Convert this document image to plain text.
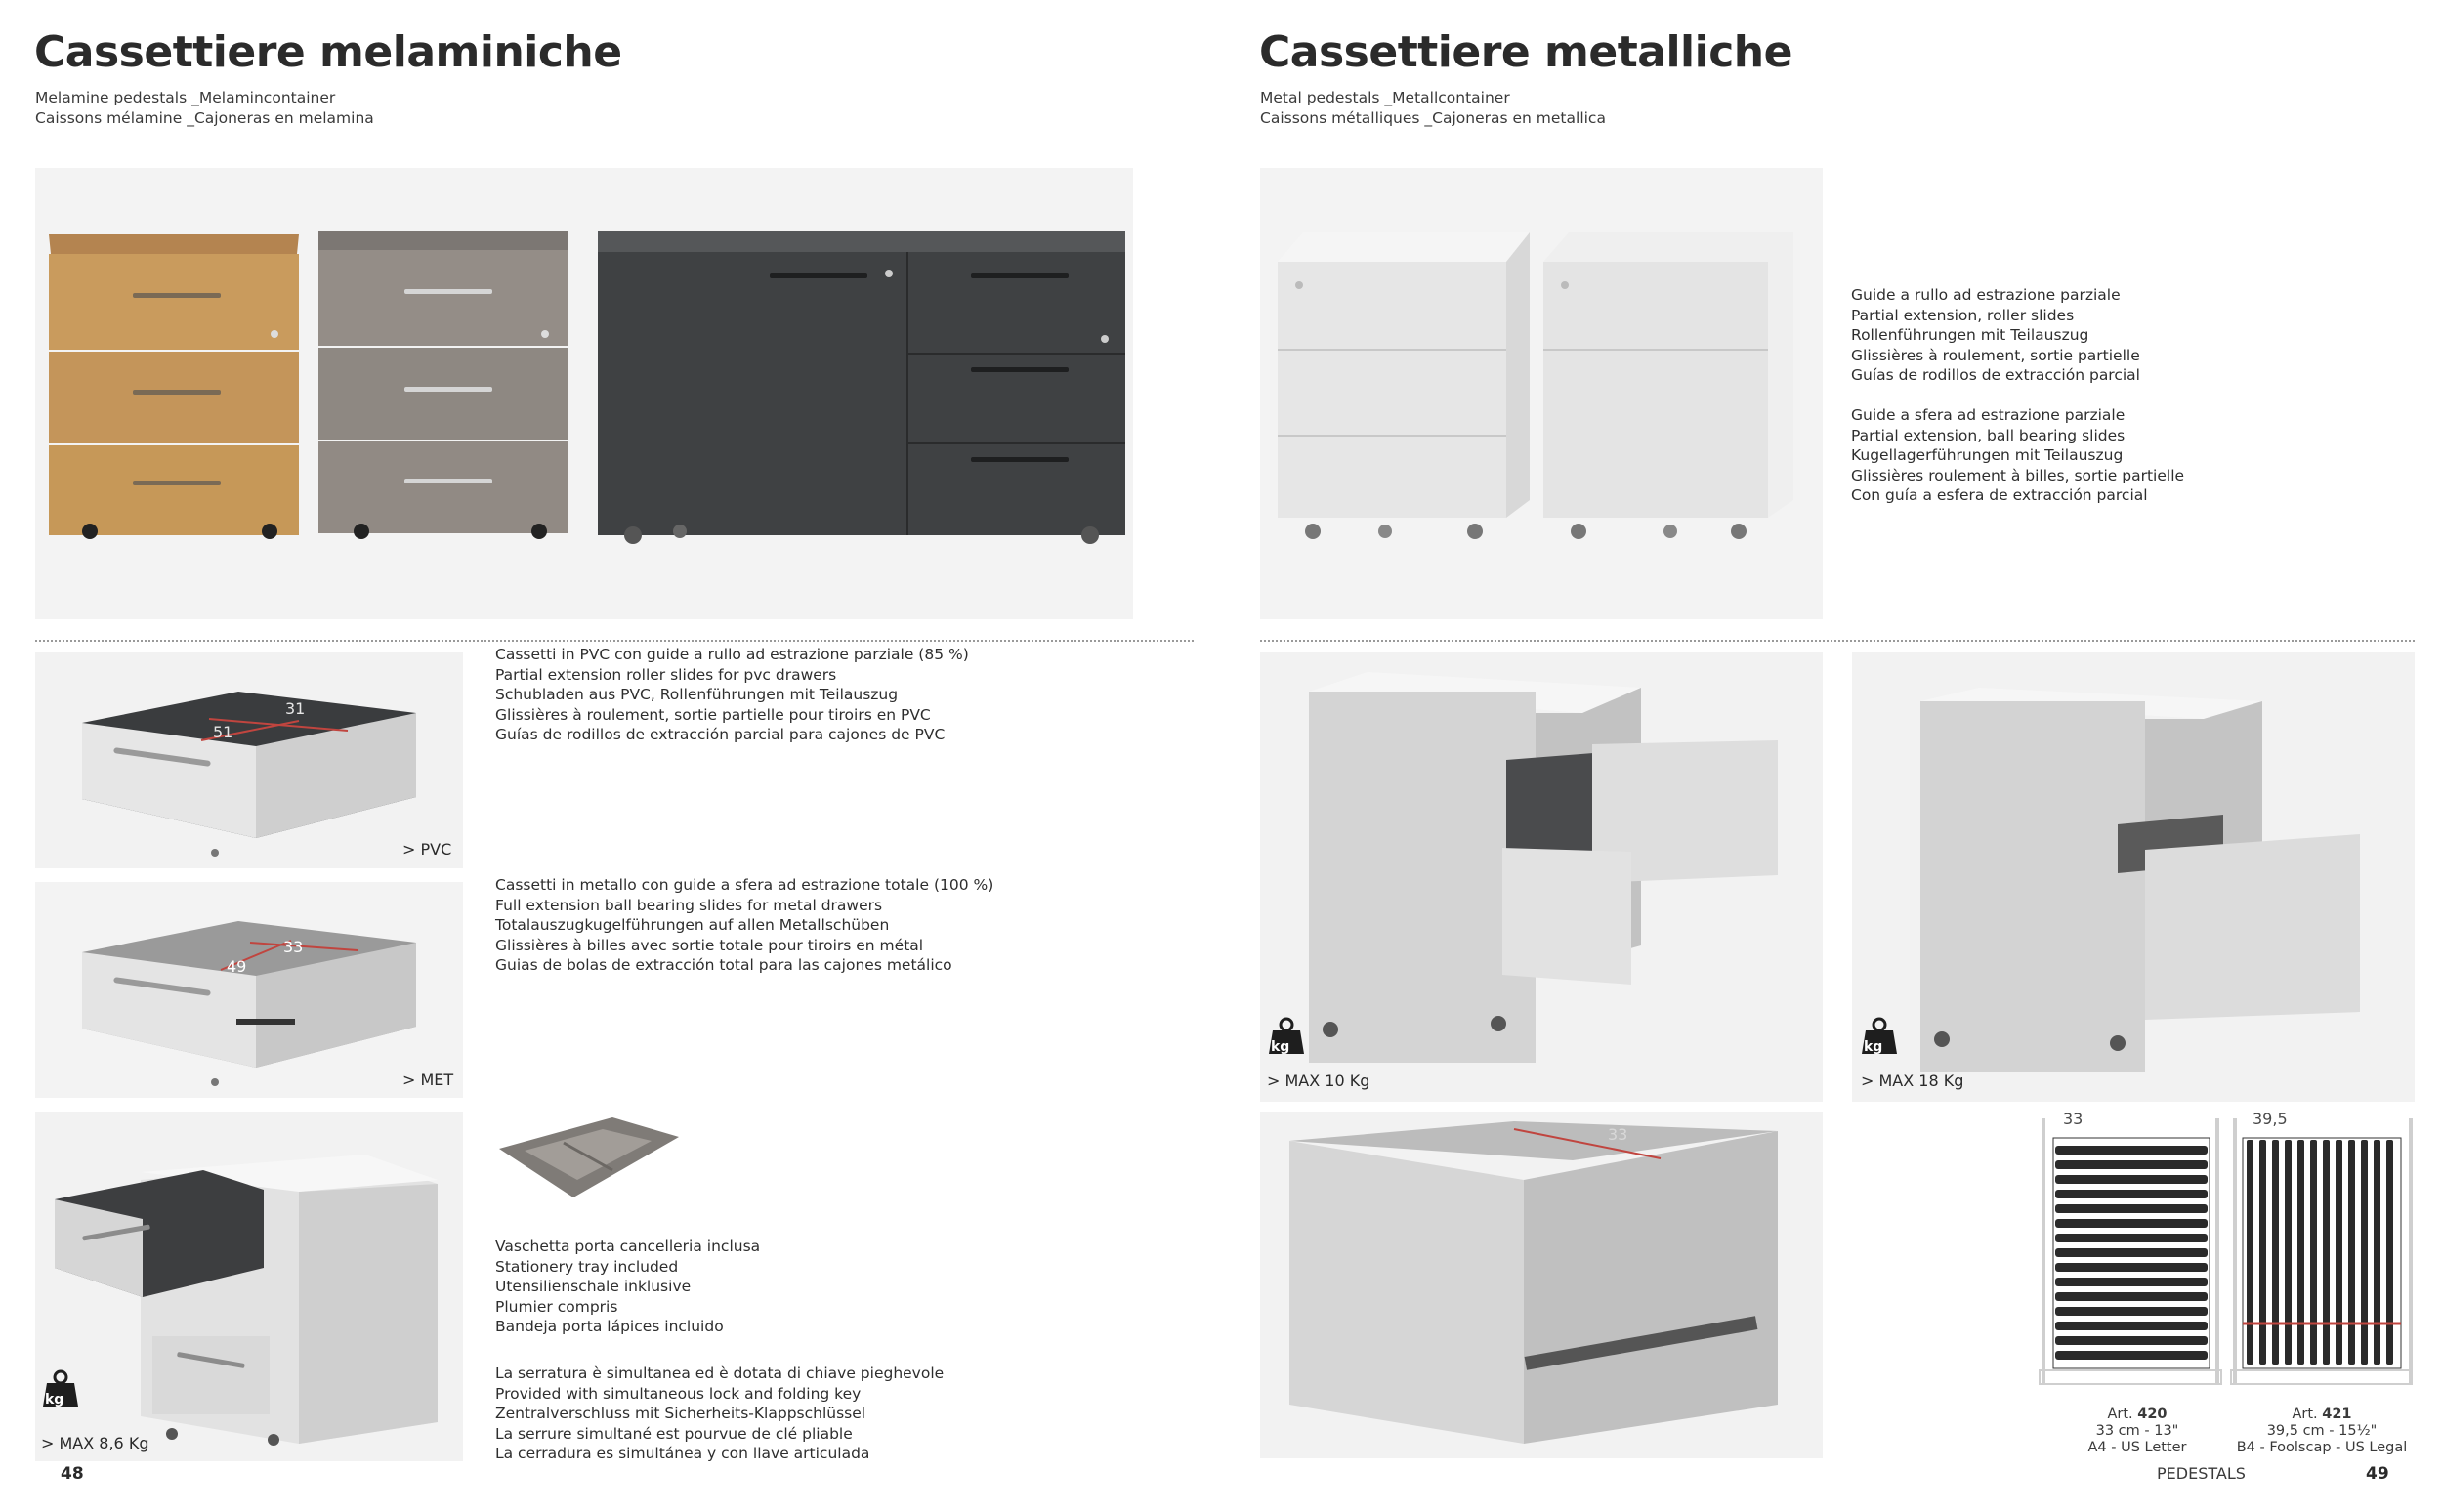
Cassettiere melaminiche
Melamine pedestals _Melamincontainer
Caissons mélamine _Cajoneras en melamina
31
51
> PVC
33
49
> MET
kg
> MAX 8,6 Kg
Cassetti in PVC con guide a rullo ad estrazione parziale (85 %)
Partial extension roller slides for pvc drawers
Schubladen aus PVC, Rollenführungen mit Teilauszug
Glissières à roulement, sortie partielle pour tiroirs en PVC
Guías de rodillos de extracción parcial para cajones de PVC
Cassetti in metallo con guide a sfera ad estrazione totale (100 %)
Full extension ball bearing slides for metal drawers
Totalauszugkugelführungen auf allen Metallschüben
Glissières à billes avec sortie totale pour tiroirs en métal
Guias de bolas de extracción total para las cajones metálico
Vaschetta porta cancelleria inclusa
Stationery tray included
Utensilienschale inklusive
Plumier compris
Bandeja porta lápices incluido
La serratura è simultanea ed è dotata di chiave pieghevole
Provided with simultaneous lock and folding key
Zentralverschluss mit Sicherheits-Klappschlüssel
La serrure simultané est pourvue de clé pliable
La cerradura es simultánea y con llave articulada
48
Cassettiere metalliche
Metal pedestals _Metallcontainer
Caissons métalliques _Cajoneras en metallica
Guide a rullo ad estrazione parziale
Partial extension, roller slides
Rollenführungen mit Teilauszug
Glissières à roulement, sortie partielle
Guías de rodillos de extracción parcial
Guide a sfera ad estrazione parziale
Partial extension, ball bearing slides
Kugellagerführungen mit Teilauszug
Glissières roulement à billes, sortie partielle
Con guía a esfera de extracción parcial
kg
> MAX 10 Kg
kg
> MAX 18 Kg
33
33	39,5
Art. 420
33 cm - 13"
A4 - US Letter
Art. 421
39,5 cm - 15½"
B4 - Foolscap - US Legal
PEDESTALS	49
